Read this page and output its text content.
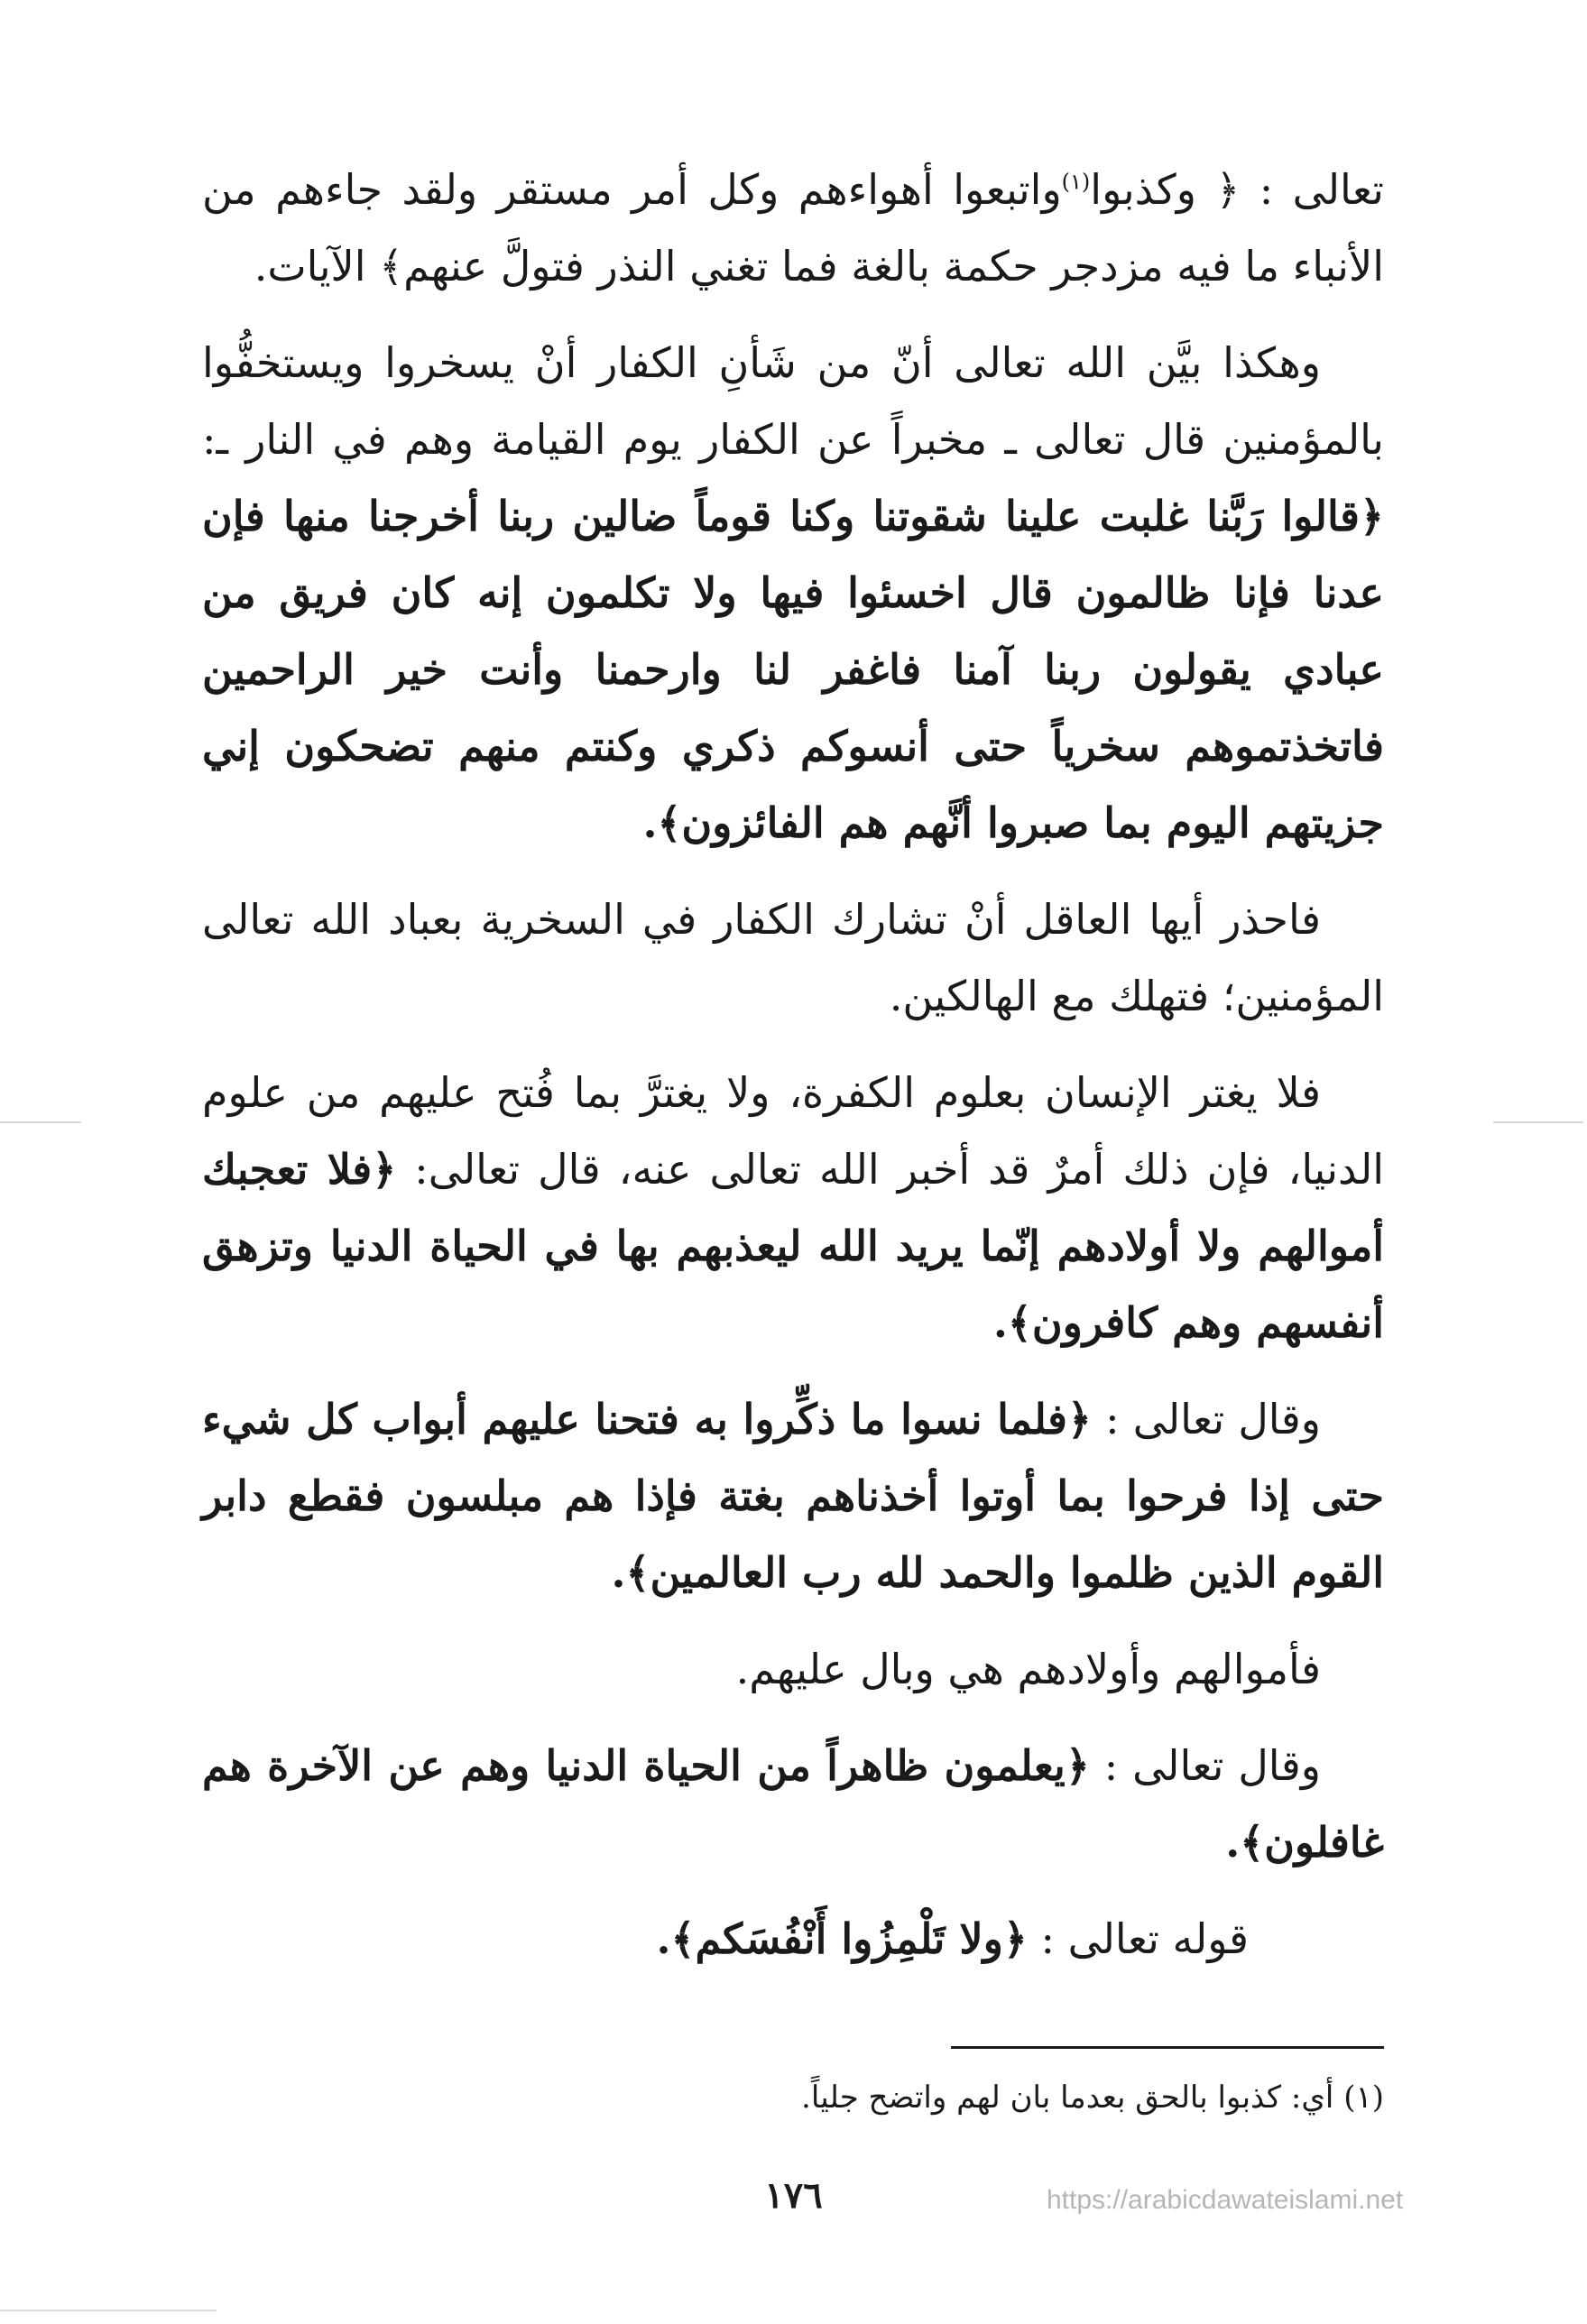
تعالى : ﴿ وكذبوا$^{(١)}$واتبعوا أهواءهم وكل أمر مستقر ولقد جاءهم من الأنباء ما فيه مزدجر حكمة بالغة فما تغني النذر فتولَّ عنهم﴾ الآيات.

وهكذا بيَّن الله تعالى أنّ من شَأنِ الكفار أنْ يسخروا ويستخفُّوا بالمؤمنين قال تعالى ـ مخبراً عن الكفار يوم القيامة وهم في النار ـ: ﴿قالوا رَبَّنا غلبت علينا شقوتنا وكنا قوماً ضالين ربنا أخرجنا منها فإن عدنا فإنا ظالمون قال اخسئوا فيها ولا تكلمون إنه كان فريق من عبادي يقولون ربنا آمنا فاغفر لنا وارحمنا وأنت خير الراحمين فاتخذتموهم سخرياً حتى أنسوكم ذكري وكنتم منهم تضحكون إني جزيتهم اليوم بما صبروا أنَّهم هم الفائزون﴾.

فاحذر أيها العاقل أنْ تشارك الكفار في السخرية بعباد الله تعالى المؤمنين؛ فتهلك مع الهالكين.

فلا يغتر الإنسان بعلوم الكفرة، ولا يغترَّ بما فُتح عليهم من علوم الدنيا، فإن ذلك أمرٌ قد أخبر الله تعالى عنه، قال تعالى: ﴿فلا تعجبك أموالهم ولا أولادهم إنّما يريد الله ليعذبهم بها في الحياة الدنيا وتزهق أنفسهم وهم كافرون﴾.

وقال تعالى : ﴿فلما نسوا ما ذكِّروا به فتحنا عليهم أبواب كل شيء حتى إذا فرحوا بما أوتوا أخذناهم بغتة فإذا هم مبلسون فقطع دابر القوم الذين ظلموا والحمد لله رب العالمين﴾.

فأموالهم وأولادهم هي وبال عليهم.

وقال تعالى : ﴿يعلمون ظاهراً من الحياة الدنيا وهم عن الآخرة هم غافلون﴾.

قوله تعالى : ﴿ولا تَلْمِزُوا أَنْفُسَكم﴾.

(١) أي: كذبوا بالحق بعدما بان لهم واتضح جلياً.
١٧٦	https://arabicdawateislami.net
